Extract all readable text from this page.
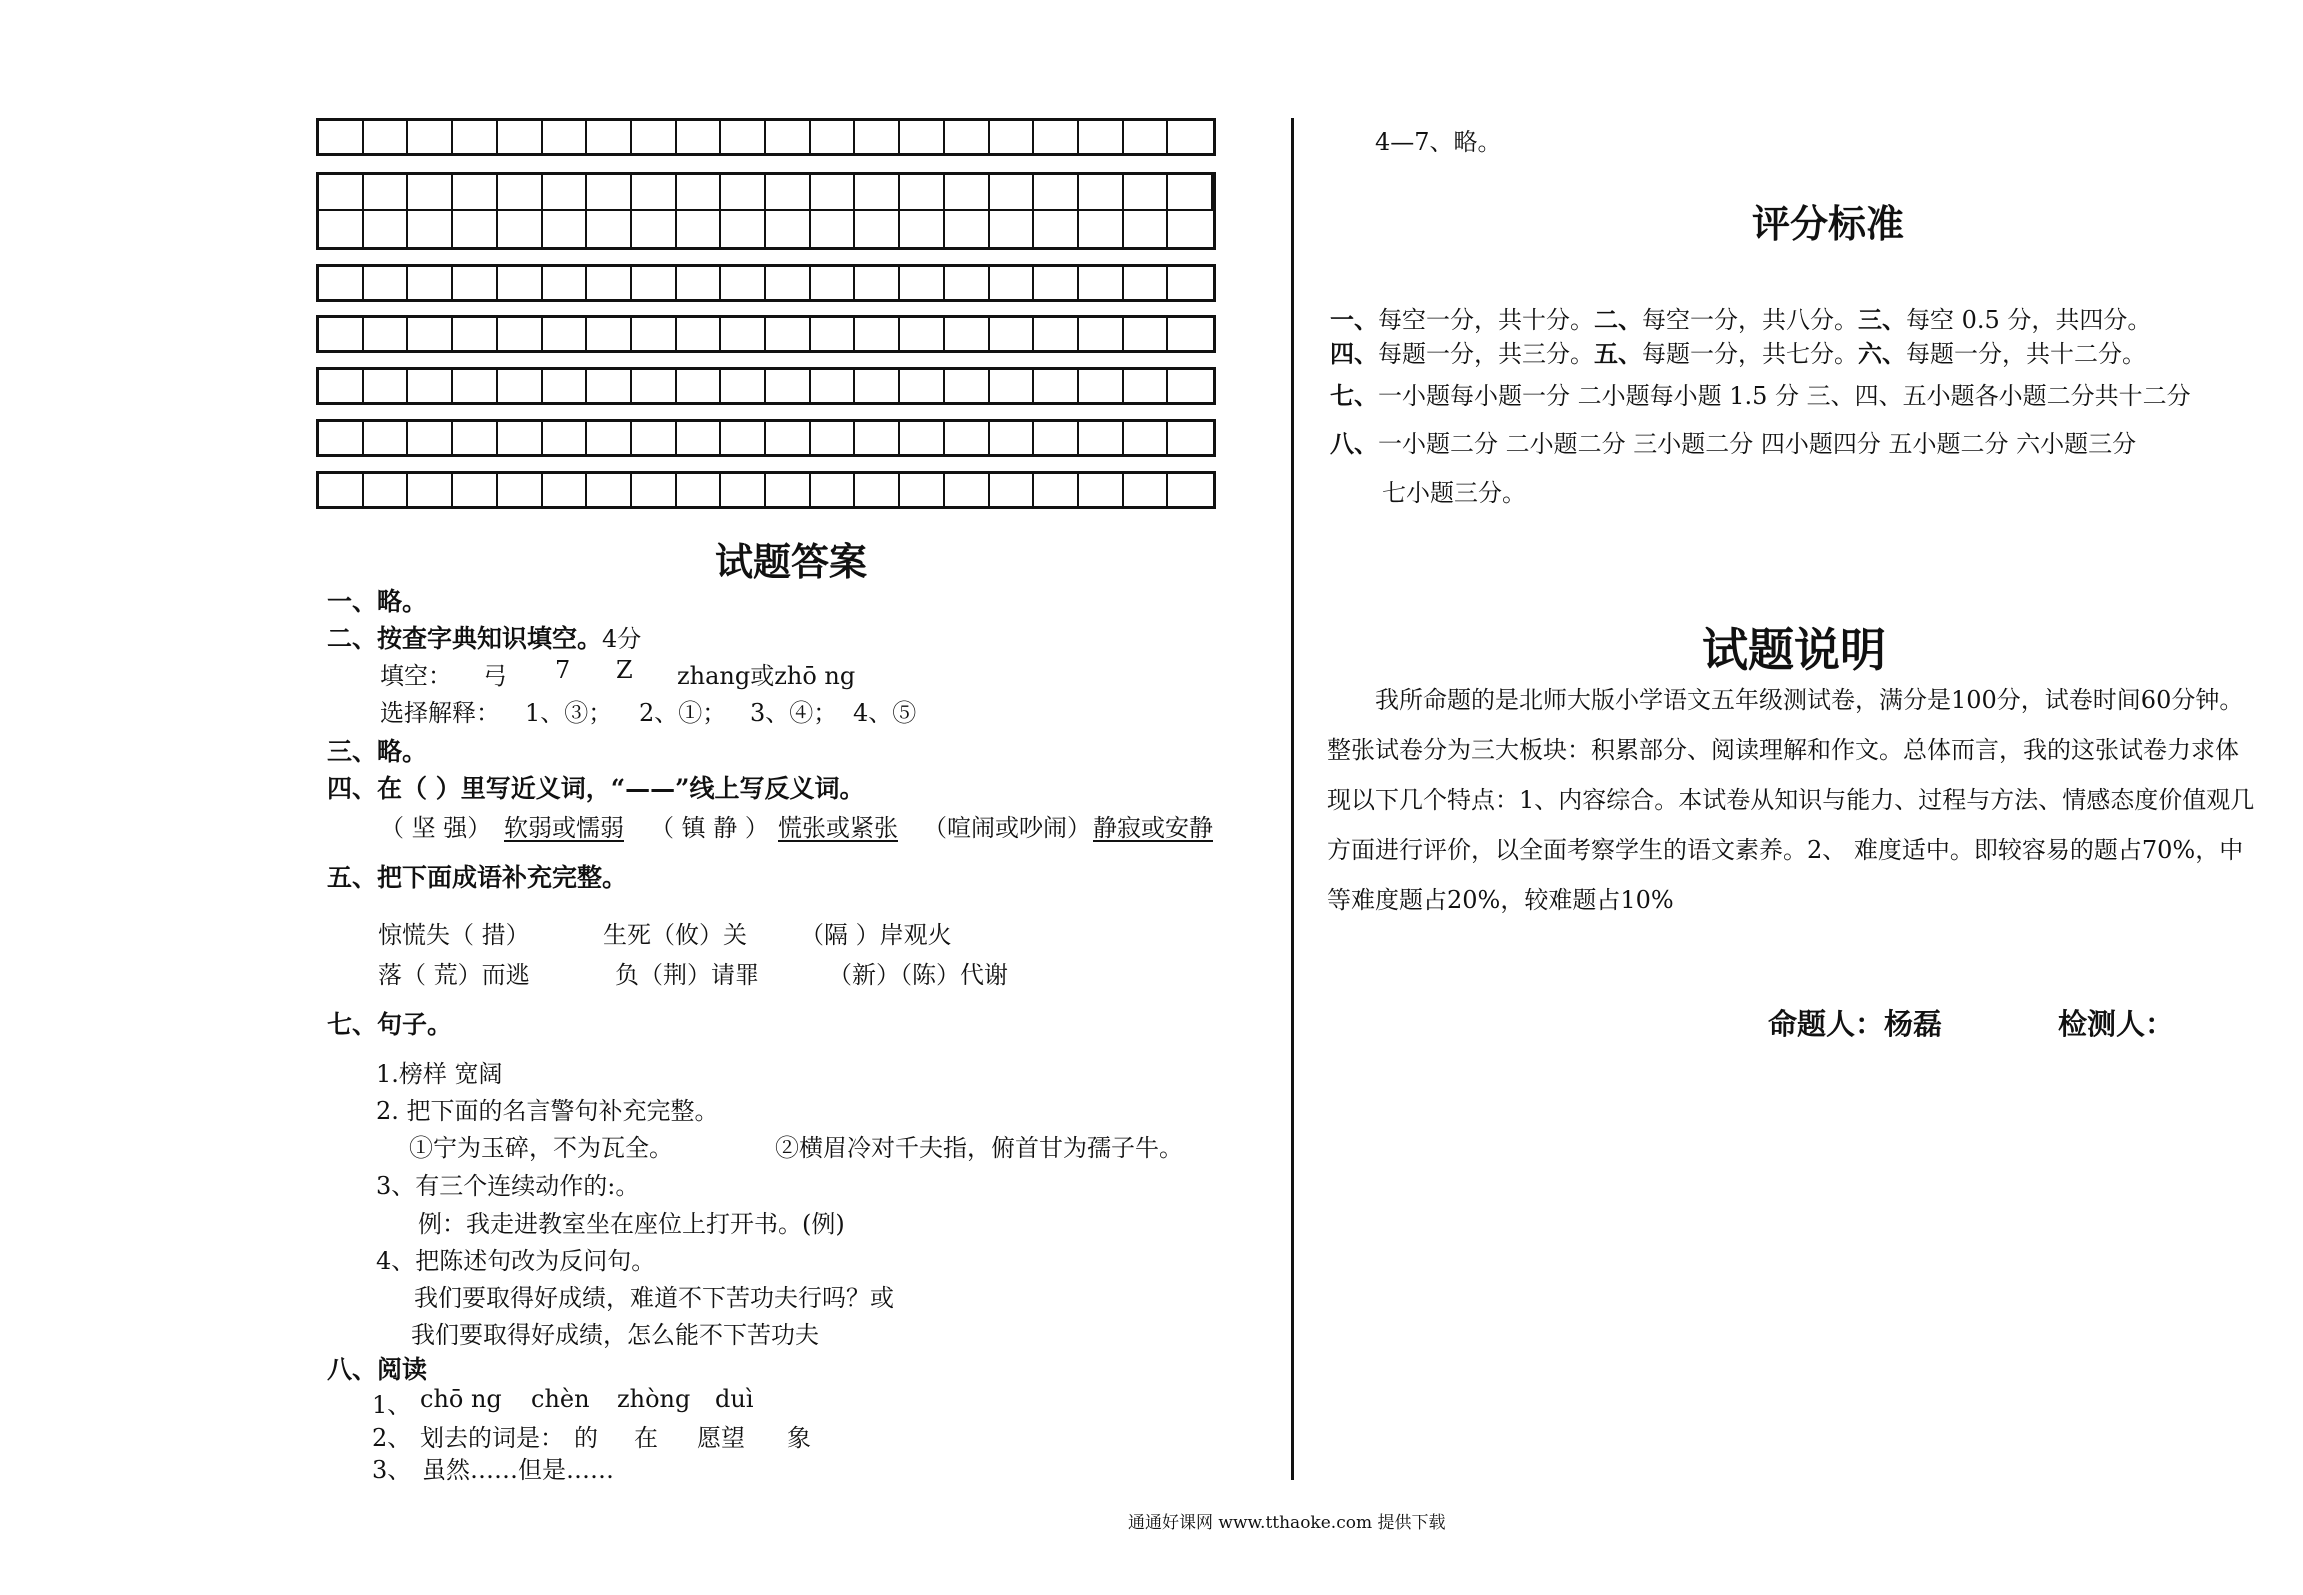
试题答案
一、略。
二、按查字典知识填空。4分
填空： 弓 7 Z zhang或zhō ng
选择解释： 1、③； 2、①； 3、④； 4、⑤
三、略。
四、在（ ）里写近义词，“——”线上写反义词。
（ 坚 强） 软弱或懦弱 （ 镇 静 ） 慌张或紧张 （喧闹或吵闹） 静寂或安静
五、把下面成语补充完整。
惊慌失（ 措）	生死（攸）关 （隔 ）岸观火
落（ 荒）而逃	负（荆）请罪	（新）（陈）代谢
七、句子。
1.榜样 宽阔
2. 把下面的名言警句补充完整。
①宁为玉碎，不为瓦全。	②横眉冷对千夫指，俯首甘为孺子牛。
3、有三个连续动作的:。
例：我走进教室坐在座位上打开书。(例)
4、把陈述句改为反问句。
我们要取得好成绩，难道不下苦功夫行吗？或
我们要取得好成绩，怎么能不下苦功夫
八、阅读
1、 chō ng chèn zhòng duì
2、 划去的词是： 的 在 愿望 象
3、 虽然……但是……
4—7、略。
评分标准
一、每空一分，共十分。二、每空一分，共八分。三、每空 0.5 分，共四分。
四、每题一分，共三分。五、每题一分，共七分。六、每题一分，共十二分。
七、一小题每小题一分 二小题每小题 1.5 分 三、四、五小题各小题二分共十二分
八、一小题二分 二小题二分 三小题二分 四小题四分 五小题二分 六小题三分
七小题三分。
试题说明
我所命题的是北师大版小学语文五年级测试卷，满分是100分，试卷时间60分钟。整张试卷分为三大板块：积累部分、阅读理解和作文。总体而言，我的这张试卷力求体现以下几个特点：1、内容综合。本试卷从知识与能力、过程与方法、情感态度价值观几方面进行评价，以全面考察学生的语文素养。2、 难度适中。即较容易的题占70%，中等难度题占20%，较难题占10%
命题人：杨磊	检测人：
通通好课网 www.tthaoke.com 提供下载
